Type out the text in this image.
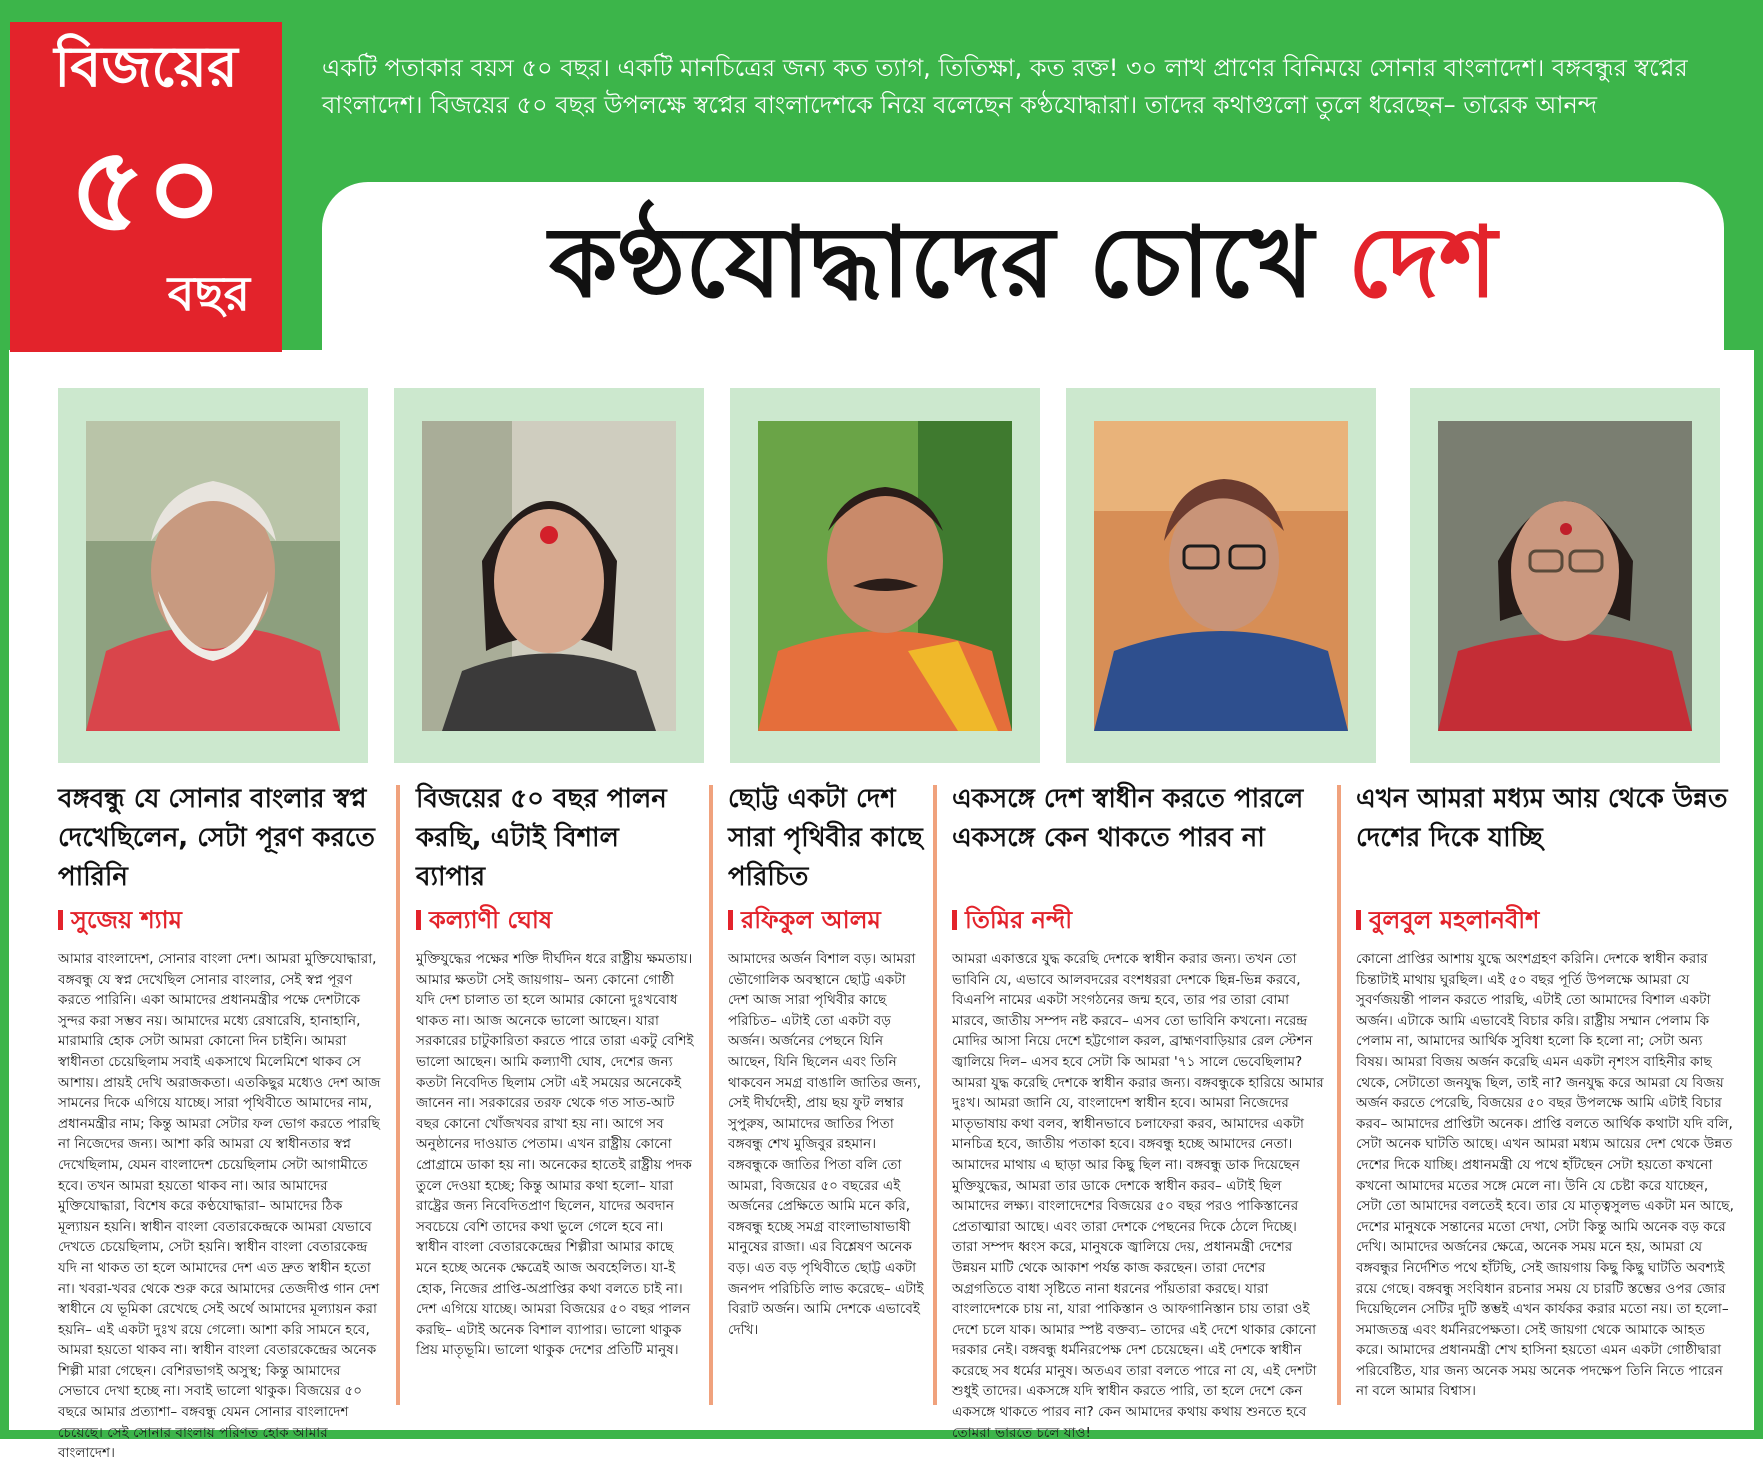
বিজয়ের
৫০
বছর
একটি পতাকার বয়স ৫০ বছর। একটি মানচিত্রের জন্য কত ত্যাগ, তিতিক্ষা, কত রক্ত! ৩০ লাখ প্রাণের বিনিময়ে সোনার বাংলাদেশ। বঙ্গবন্ধুর স্বপ্নের বাংলাদেশ। বিজয়ের ৫০ বছর উপলক্ষে স্বপ্নের বাংলাদেশকে নিয়ে বলেছেন কণ্ঠযোদ্ধারা। তাদের কথাগুলো তুলে ধরেছেন– তারেক আনন্দ
কণ্ঠযোদ্ধাদের চোখে দেশ
বঙ্গবন্ধু যে সোনার বাংলার স্বপ্ন দেখেছিলেন, সেটা পূরণ করতে পারিনি
সুজেয় শ্যাম

আমার বাংলাদেশ, সোনার বাংলা দেশ। আমরা মুক্তিযোদ্ধারা, বঙ্গবন্ধু যে স্বপ্ন দেখেছিল সোনার বাংলার, সেই স্বপ্ন পূরণ করতে পারিনি। একা আমাদের প্রধানমন্ত্রীর পক্ষে দেশটাকে সুন্দর করা সম্ভব নয়। আমাদের মধ্যে রেষারেষি, হানাহানি, মারামারি হোক সেটা আমরা কোনো দিন চাইনি। আমরা স্বাধীনতা চেয়েছিলাম সবাই একসাথে মিলেমিশে থাকব সে আশায়। প্রায়ই দেখি অরাজকতা। এতকিছুর মধ্যেও দেশ আজ সামনের দিকে এগিয়ে যাচ্ছে। সারা পৃথিবীতে আমাদের নাম, প্রধানমন্ত্রীর নাম; কিন্তু আমরা সেটার ফল ভোগ করতে পারছি না নিজেদের জন্য। আশা করি আমরা যে স্বাধীনতার স্বপ্ন দেখেছিলাম, যেমন বাংলাদেশ চেয়েছিলাম সেটা আগামীতে হবে। তখন আমরা হয়তো থাকব না। আর আমাদের মুক্তিযোদ্ধারা, বিশেষ করে কণ্ঠযোদ্ধারা– আমাদের ঠিক মূল্যায়ন হয়নি। স্বাধীন বাংলা বেতারকেন্দ্রকে আমরা যেভাবে দেখতে চেয়েছিলাম, সেটা হয়নি। স্বাধীন বাংলা বেতারকেন্দ্র যদি না থাকত তা হলে আমাদের দেশ এত দ্রুত স্বাধীন হতো না। খবরা-খবর থেকে শুরু করে আমাদের তেজদীপ্ত গান দেশ স্বাধীনে যে ভূমিকা রেখেছে সেই অর্থে আমাদের মূল্যায়ন করা হয়নি– এই একটা দুঃখ রয়ে গেলো। আশা করি সামনে হবে, আমরা হয়তো থাকব না। স্বাধীন বাংলা বেতারকেন্দ্রের অনেক শিল্পী মারা গেছেন। বেশিরভাগই অসুস্থ; কিন্তু আমাদের সেভাবে দেখা হচ্ছে না। সবাই ভালো থাকুক। বিজয়ের ৫০ বছরে আমার প্রত্যাশা– বঙ্গবন্ধু যেমন সোনার বাংলাদেশ চেয়েছে। সেই সোনার বাংলায় পরিণত হোক আমার বাংলাদেশ।

বিজয়ের ৫০ বছর পালন করছি, এটাই বিশাল ব্যাপার
কল্যাণী ঘোষ

মুক্তিযুদ্ধের পক্ষের শক্তি দীর্ঘদিন ধরে রাষ্ট্রীয় ক্ষমতায়। আমার ক্ষতটা সেই জায়গায়– অন্য কোনো গোষ্ঠী যদি দেশ চালাত তা হলে আমার কোনো দুঃখবোধ থাকত না। আজ অনেকে ভালো আছেন। যারা সরকারের চাটুকারিতা করতে পারে তারা একটু বেশিই ভালো আছেন। আমি কল্যাণী ঘোষ, দেশের জন্য কতটা নিবেদিত ছিলাম সেটা এই সময়ের অনেকেই জানেন না। সরকারের তরফ থেকে গত সাত-আট বছর কোনো খোঁজখবর রাখা হয় না। আগে সব অনুষ্ঠানের দাওয়াত পেতাম। এখন রাষ্ট্রীয় কোনো প্রোগ্রামে ডাকা হয় না। অনেকের হাতেই রাষ্ট্রীয় পদক তুলে দেওয়া হচ্ছে; কিন্তু আমার কথা হলো– যারা রাষ্ট্রের জন্য নিবেদিতপ্রাণ ছিলেন, যাদের অবদান সবচেয়ে বেশি তাদের কথা ভুলে গেলে হবে না। স্বাধীন বাংলা বেতারকেন্দ্রের শিল্পীরা আমার কাছে মনে হচ্ছে অনেক ক্ষেত্রেই আজ অবহেলিত। যা-ই হোক, নিজের প্রাপ্তি-অপ্রাপ্তির কথা বলতে চাই না। দেশ এগিয়ে যাচ্ছে। আমরা বিজয়ের ৫০ বছর পালন করছি– এটাই অনেক বিশাল ব্যাপার। ভালো থাকুক প্রিয় মাতৃভূমি। ভালো থাকুক দেশের প্রতিটি মানুষ।

ছোট্ট একটা দেশ সারা পৃথিবীর কাছে পরিচিত
রফিকুল আলম

আমাদের অর্জন বিশাল বড়। আমরা ভৌগোলিক অবস্থানে ছোট্ট একটা দেশ আজ সারা পৃথিবীর কাছে পরিচিত– এটাই তো একটা বড় অর্জন। অর্জনের পেছনে যিনি আছেন, যিনি ছিলেন এবং তিনি থাকবেন সমগ্র বাঙালি জাতির জন্য, সেই দীর্ঘদেহী, প্রায় ছয় ফুট লম্বার সুপুরুষ, আমাদের জাতির পিতা বঙ্গবন্ধু শেখ মুজিবুর রহমান। বঙ্গবন্ধুকে জাতির পিতা বলি তো আমরা, বিজয়ের ৫০ বছরের এই অর্জনের প্রেক্ষিতে আমি মনে করি, বঙ্গবন্ধু হচ্ছে সমগ্র বাংলাভাষাভাষী মানুষের রাজা। এর বিশ্লেষণ অনেক বড়। এত বড় পৃথিবীতে ছোট্ট একটা জনপদ পরিচিতি লাভ করেছে– এটাই বিরাট অর্জন। আমি দেশকে এভাবেই দেখি।

একসঙ্গে দেশ স্বাধীন করতে পারলে একসঙ্গে কেন থাকতে পারব না
তিমির নন্দী

আমরা একাত্তরে যুদ্ধ করেছি দেশকে স্বাধীন করার জন্য। তখন তো ভাবিনি যে, এভাবে আলবদরের বংশধররা দেশকে ছিন্ন-ভিন্ন করবে, বিএনপি নামের একটা সংগঠনের জন্ম হবে, তার পর তারা বোমা মারবে, জাতীয় সম্পদ নষ্ট করবে– এসব তো ভাবিনি কখনো। নরেন্দ্র মোদির আসা নিয়ে দেশে হট্টগোল করল, ব্রাহ্মণবাড়িয়ার রেল স্টেশন জ্বালিয়ে দিল– এসব হবে সেটা কি আমরা '৭১ সালে ভেবেছিলাম? আমরা যুদ্ধ করেছি দেশকে স্বাধীন করার জন্য। বঙ্গবন্ধুকে হারিয়ে আমার দুঃখ। আমরা জানি যে, বাংলাদেশ স্বাধীন হবে। আমরা নিজেদের মাতৃভাষায় কথা বলব, স্বাধীনভাবে চলাফেরা করব, আমাদের একটা মানচিত্র হবে, জাতীয় পতাকা হবে। বঙ্গবন্ধু হচ্ছে আমাদের নেতা। আমাদের মাথায় এ ছাড়া আর কিছু ছিল না। বঙ্গবন্ধু ডাক দিয়েছেন মুক্তিযুদ্ধের, আমরা তার ডাকে দেশকে স্বাধীন করব– এটাই ছিল আমাদের লক্ষ্য। বাংলাদেশের বিজয়ের ৫০ বছর পরও পাকিস্তানের প্রেতাত্মারা আছে। এবং তারা দেশকে পেছনের দিকে ঠেলে দিচ্ছে। তারা সম্পদ ধ্বংস করে, মানুষকে জ্বালিয়ে দেয়, প্রধানমন্ত্রী দেশের উন্নয়ন মাটি থেকে আকাশ পর্যন্ত কাজ করছেন। তারা দেশের অগ্রগতিতে বাধা সৃষ্টিতে নানা ধরনের পাঁয়তারা করছে। যারা বাংলাদেশকে চায় না, যারা পাকিস্তান ও আফগানিস্তান চায় তারা ওই দেশে চলে যাক। আমার স্পষ্ট বক্তব্য– তাদের এই দেশে থাকার কোনো দরকার নেই। বঙ্গবন্ধু ধর্মনিরপেক্ষ দেশ চেয়েছেন। এই দেশকে স্বাধীন করেছে সব ধর্মের মানুষ। অতএব তারা বলতে পারে না যে, এই দেশটা শুধুই তাদের। একসঙ্গে যদি স্বাধীন করতে পারি, তা হলে দেশে কেন একসঙ্গে থাকতে পারব না? কেন আমাদের কথায় কথায় শুনতে হবে তোমরা ভারতে চলে যাও!

এখন আমরা মধ্যম আয় থেকে উন্নত দেশের দিকে যাচ্ছি
বুলবুল মহলানবীশ

কোনো প্রাপ্তির আশায় যুদ্ধে অংশগ্রহণ করিনি। দেশকে স্বাধীন করার চিন্তাটাই মাথায় ঘুরছিল। এই ৫০ বছর পূর্তি উপলক্ষে আমরা যে সুবর্ণজয়ন্তী পালন করতে পারছি, এটাই তো আমাদের বিশাল একটা অর্জন। এটাকে আমি এভাবেই বিচার করি। রাষ্ট্রীয় সম্মান পেলাম কি পেলাম না, আমাদের আর্থিক সুবিধা হলো কি হলো না; সেটা অন্য বিষয়। আমরা বিজয় অর্জন করেছি এমন একটা নৃশংস বাহিনীর কাছ থেকে, সেটাতো জনযুদ্ধ ছিল, তাই না? জনযুদ্ধ করে আমরা যে বিজয় অর্জন করতে পেরেছি, বিজয়ের ৫০ বছর উপলক্ষে আমি এটাই বিচার করব– আমাদের প্রাপ্তিটা অনেক। প্রাপ্তি বলতে আর্থিক কথাটা যদি বলি, সেটা অনেক ঘাটতি আছে। এখন আমরা মধ্যম আয়ের দেশ থেকে উন্নত দেশের দিকে যাচ্ছি। প্রধানমন্ত্রী যে পথে হাঁটছেন সেটা হয়তো কখনো কখনো আমাদের মতের সঙ্গে মেলে না। উনি যে চেষ্টা করে যাচ্ছেন, সেটা তো আমাদের বলতেই হবে। তার যে মাতৃত্বসুলভ একটা মন আছে, দেশের মানুষকে সন্তানের মতো দেখা, সেটা কিন্তু আমি অনেক বড় করে দেখি। আমাদের অর্জনের ক্ষেত্রে, অনেক সময় মনে হয়, আমরা যে বঙ্গবন্ধুর নির্দেশিত পথে হাঁটছি, সেই জায়গায় কিছু কিছু ঘাটতি অবশ্যই রয়ে গেছে। বঙ্গবন্ধু সংবিধান রচনার সময় যে চারটি স্তম্ভের ওপর জোর দিয়েছিলেন সেটির দুটি স্তম্ভই এখন কার্যকর করার মতো নয়। তা হলো– সমাজতন্ত্র এবং ধর্মনিরপেক্ষতা। সেই জায়গা থেকে আমাকে আহত করে। আমাদের প্রধানমন্ত্রী শেখ হাসিনা হয়তো এমন একটা গোষ্ঠীদ্বারা পরিবেষ্টিত, যার জন্য অনেক সময় অনেক পদক্ষেপ তিনি নিতে পারেন না বলে আমার বিশ্বাস।
